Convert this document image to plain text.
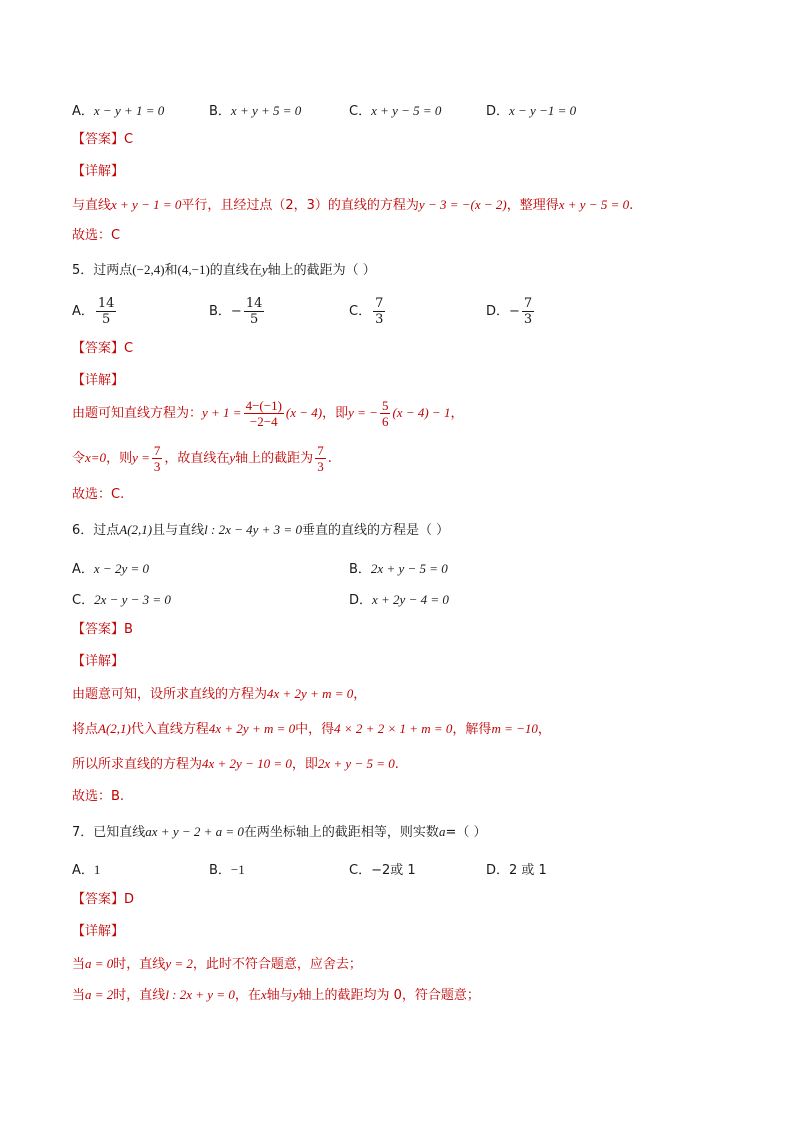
A．x − y + 1 = 0	B．x + y + 5 = 0	C．x + y − 5 = 0	D．x − y −1 = 0
【答案】C
【详解】
与直线x + y − 1 = 0平行，且经过点（2，3）的直线的方程为y − 3 = −(x − 2)，整理得x + y − 5 = 0.
故选：C
5．过两点(−2,4)和(4,−1)的直线在y轴上的截距为（ ）
A． $\frac{14}{5}$	B．− $\frac{14}{5}$	C． $\frac{7}{3}$	D．− $\frac{7}{3}$
【答案】C
【详解】
由题可知直线方程为：$y + 1 = \frac{4-(-1)}{-2-4} (x - 4)$，即y = − $\frac{5}{6} (x - 4) - 1$，
令x=0，则$y = \frac{7}{3}$ ，故直线在y轴上的截距为 $\frac{7}{3}$ .
故选：C.
6．过点A(2,1)且与直线l : 2x − 4y + 3 = 0垂直的直线的方程是（ ）
A．x − 2y = 0	B．2x + y − 5 = 0
C．2x − y − 3 = 0	D．x + 2y − 4 = 0
【答案】B
【详解】
由题意可知，设所求直线的方程为4x + 2y + m = 0，
将点A(2,1)代入直线方程4x + 2y + m = 0中，得4 × 2 + 2 × 1 + m = 0，解得m = −10，
所以所求直线的方程为4x + 2y − 10 = 0，即2x + y − 5 = 0.
故选：B.
7．已知直线ax + y − 2 + a = 0在两坐标轴上的截距相等，则实数a=（ ）
A．1	B．−1	C．−2或 1	D．2 或 1
【答案】D
【详解】
当a = 0时，直线y = 2，此时不符合题意，应舍去；
当a = 2时，直线l : 2x + y = 0，在x轴与y轴上的截距均为 0，符合题意；
